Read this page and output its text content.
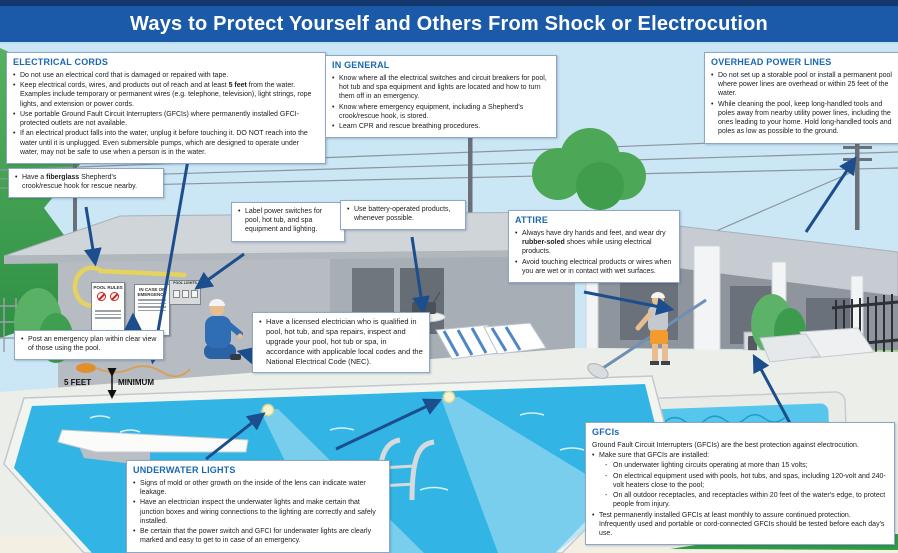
Ways to Protect Yourself and Others From Shock or Electrocution
POOL RULES	IN CASE OF EMERGENCY
POOL LIGHTS
5 FEET	MINIMUM
ELECTRICAL CORDS
• Do not use an electrical cord that is damaged or repaired with tape.
• Keep electrical cords, wires, and products out of reach and at least 5 feet from the water. Examples include temporary or permanent wires (e.g. telephone, television), light strings, rope lights, and extension or power cords.
• Use portable Ground Fault Circuit Interrupters (GFCIs) where permanently installed GFCI-protected outlets are not available.
• If an electrical product falls into the water, unplug it before touching it. DO NOT reach into the water until it is unplugged. Even submersible pumps, which are designed to operate under water, may not be safe to use when a person is in the water.
IN GENERAL
• Know where all the electrical switches and circuit breakers for pool, hot tub and spa equipment and lights are located and how to turn them off in an emergency.
• Know where emergency equipment, including a Shepherd's crook/rescue hook, is stored.
• Learn CPR and rescue breathing procedures.
OVERHEAD POWER LINES
• Do not set up a storable pool or install a permanent pool where power lines are overhead or within 25 feet of the water.
• While cleaning the pool, keep long-handled tools and poles away from nearby utility power lines, including the ones leading to your home. Hold long-handled tools and poles as low as possible to the ground.
• Have a fiberglass Shepherd's crook/rescue hook for rescue nearby.
• Label power switches for pool, hot tub, and spa equipment and lighting.
• Use battery-operated products, whenever possible.	ATTIRE
• Always have dry hands and feet, and wear dry rubber-soled shoes while using electrical products.
• Avoid touching electrical products or wires when you are wet or in contact with wet surfaces.
• Post an emergency plan within clear view of those using the pool.
• Have a licensed electrician who is qualified in pool, hot tub, and spa repairs, inspect and upgrade your pool, hot tub or spa, in accordance with applicable local codes and the National Electrical Code (NEC).
UNDERWATER LIGHTS
• Signs of mold or other growth on the inside of the lens can indicate water leakage.
• Have an electrician inspect the underwater lights and make certain that junction boxes and wiring connections to the lighting are correctly and safely installed.
• Be certain that the power switch and GFCI for underwater lights are clearly marked and easy to get to in case of an emergency.
GFCIs

Ground Fault Circuit Interrupters (GFCIs) are the best protection against electrocution.

• Make sure that GFCIs are installed:
- On underwater lighting circuits operating at more than 15 volts;
- On electrical equipment used with pools, hot tubs, and spas, including 120-volt and 240-volt heaters close to the pool;
- On all outdoor receptacles, and receptacles within 20 feet of the water's edge, to protect people from injury.
• Test permanently installed GFCIs at least monthly to assure continued protection. Infrequently used and portable or cord-connected GFCIs should be tested before each day's use.
